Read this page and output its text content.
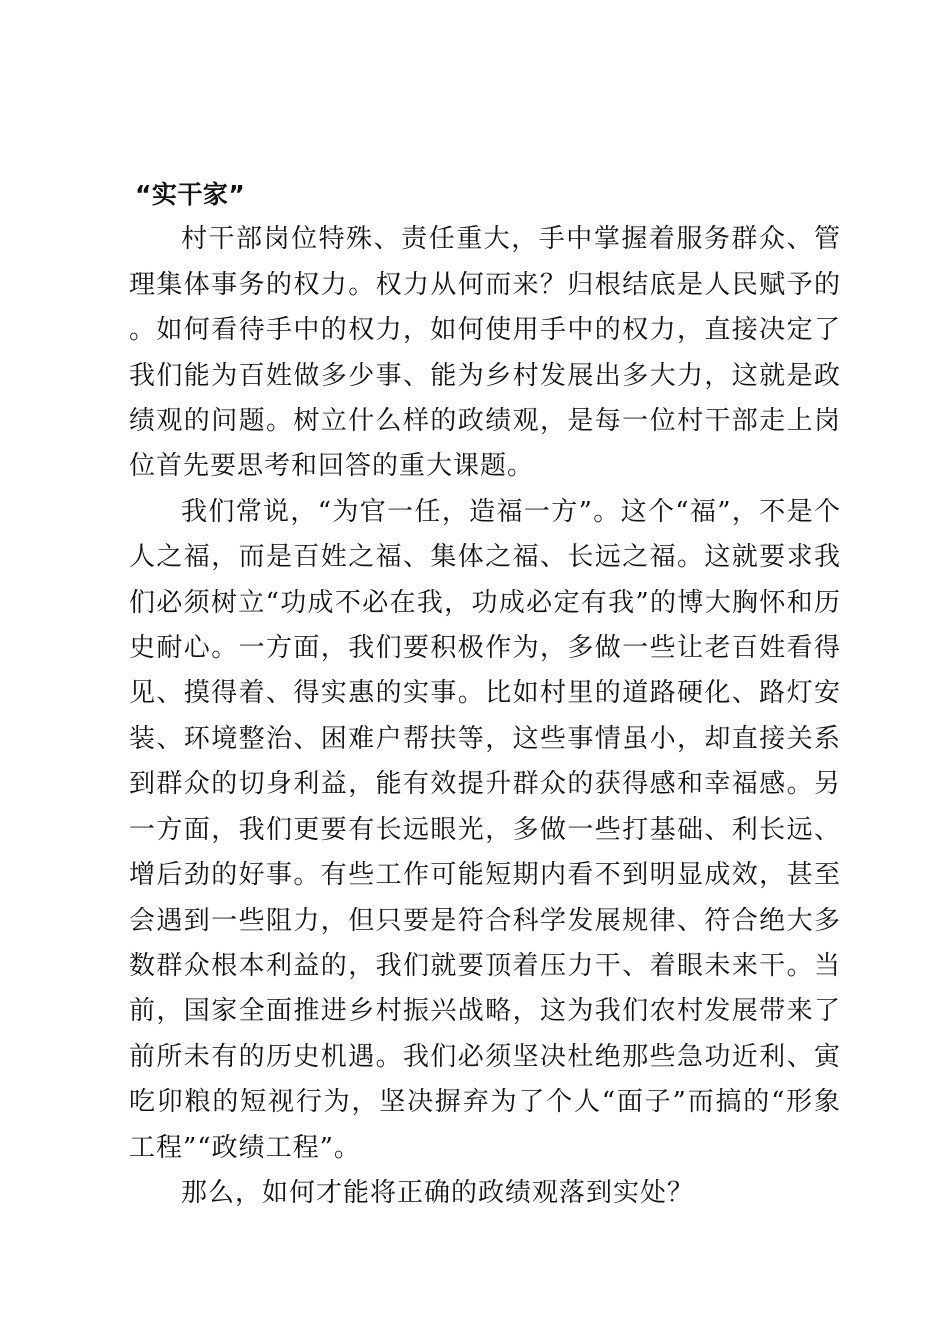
“实干家”

村干部岗位特殊、责任重大，手中掌握着服务群众、管理集体事务的权力。权力从何而来？归根结底是人民赋予的。如何看待手中的权力，如何使用手中的权力，直接决定了我们能为百姓做多少事、能为乡村发展出多大力，这就是政绩观的问题。树立什么样的政绩观，是每一位村干部走上岗位首先要思考和回答的重大课题。

我们常说，“为官一任，造福一方”。这个“福”，不是个人之福，而是百姓之福、集体之福、长远之福。这就要求我们必须树立“功成不必在我，功成必定有我”的博大胸怀和历史耐心。一方面，我们要积极作为，多做一些让老百姓看得见、摸得着、得实惠的实事。比如村里的道路硬化、路灯安装、环境整治、困难户帮扶等，这些事情虽小，却直接关系到群众的切身利益，能有效提升群众的获得感和幸福感。另一方面，我们更要有长远眼光，多做一些打基础、利长远、增后劲的好事。有些工作可能短期内看不到明显成效，甚至会遇到一些阻力，但只要是符合科学发展规律、符合绝大多数群众根本利益的，我们就要顶着压力干、着眼未来干。当前，国家全面推进乡村振兴战略，这为我们农村发展带来了前所未有的历史机遇。我们必须坚决杜绝那些急功近利、寅吃卯粮的短视行为，坚决摒弃为了个人“面子”而搞的“形象工程”“政绩工程”。

那么，如何才能将正确的政绩观落到实处？
